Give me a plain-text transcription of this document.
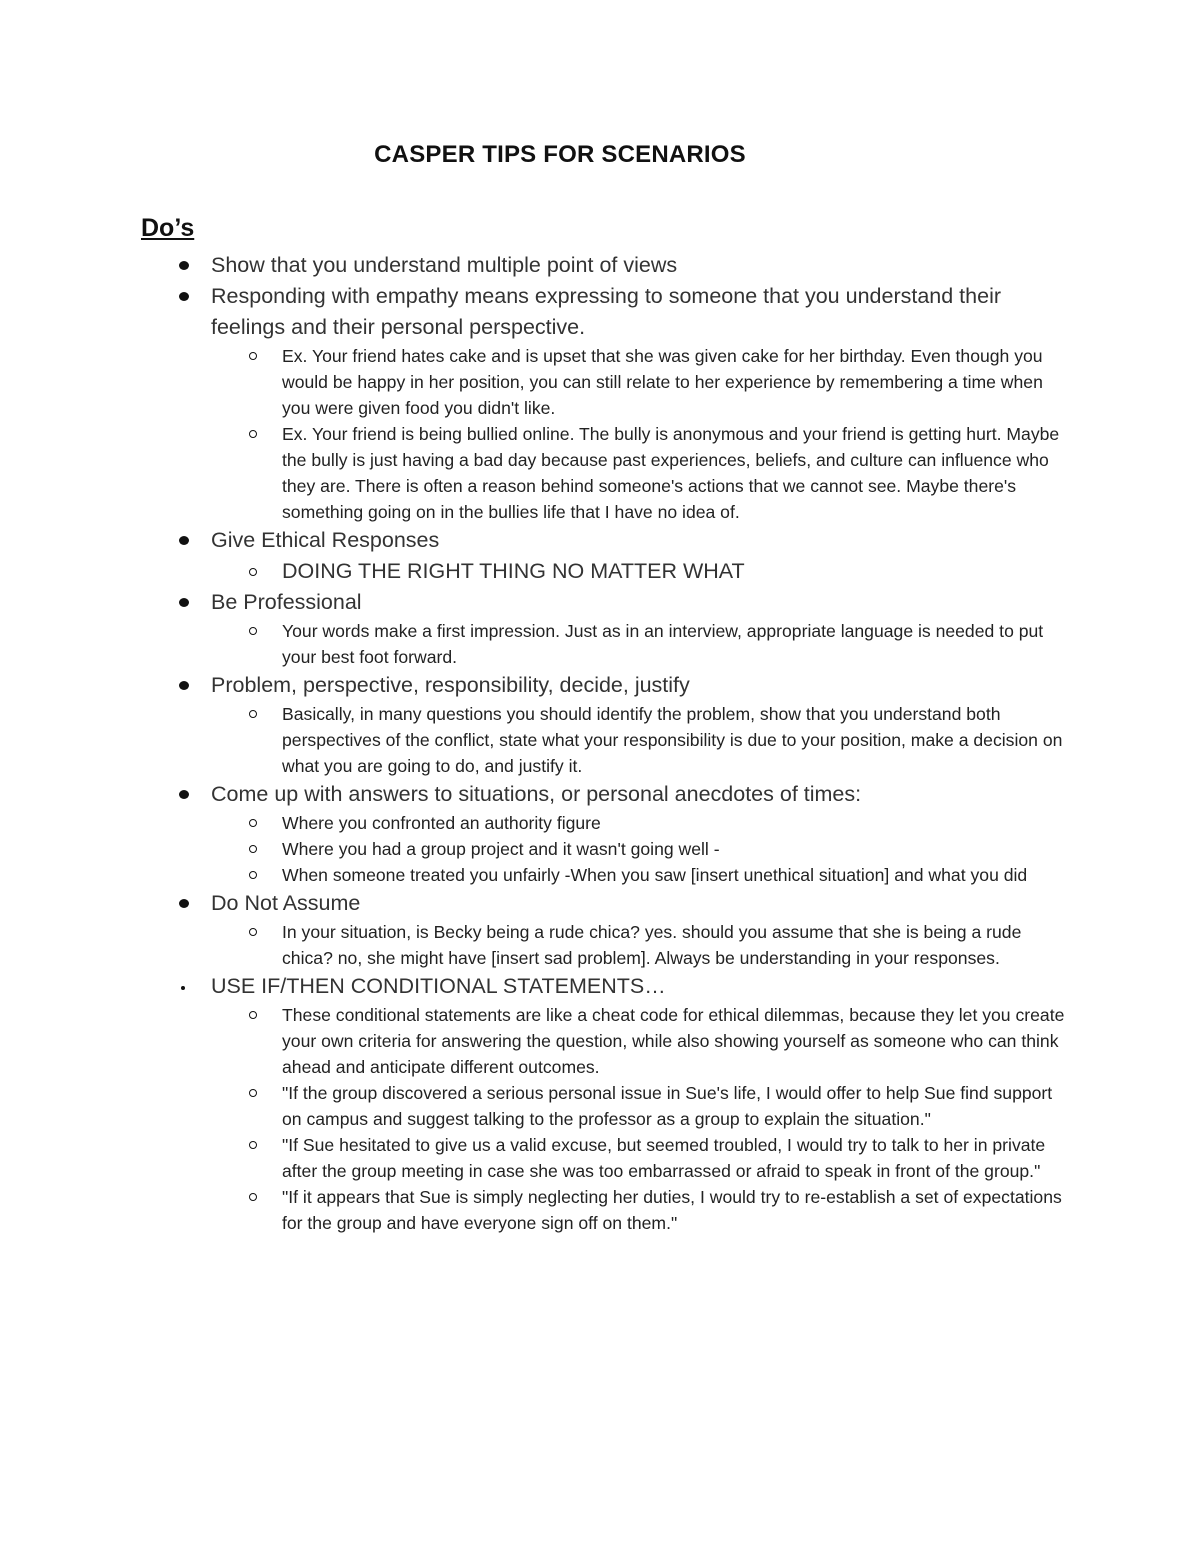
CASPER TIPS FOR SCENARIOS
Do’s
Show that you understand multiple point of views
Responding with empathy means expressing to someone that you understand their feelings and their personal perspective.
Ex. Your friend hates cake and is upset that she was given cake for her birthday. Even though you would be happy in her position, you can still relate to her experience by remembering a time when you were given food you didn't like.
Ex. Your friend is being bullied online. The bully is anonymous and your friend is getting hurt. Maybe the bully is just having a bad day because past experiences, beliefs, and culture can influence who they are. There is often a reason behind someone's actions that we cannot see. Maybe there's something going on in the bullies life that I have no idea of.
Give Ethical Responses
DOING THE RIGHT THING NO MATTER WHAT
Be Professional
Your words make a first impression. Just as in an interview, appropriate language is needed to put your best foot forward.
Problem, perspective, responsibility, decide, justify
Basically, in many questions you should identify the problem, show that you understand both perspectives of the conflict, state what your responsibility is due to your position, make a decision on what you are going to do, and justify it.
Come up with answers to situations, or personal anecdotes of times:
Where you confronted an authority figure
Where you had a group project and it wasn't going well -
When someone treated you unfairly -When you saw [insert unethical situation] and what you did
Do Not Assume
In your situation, is Becky being a rude chica? yes. should you assume that she is being a rude chica? no, she might have [insert sad problem]. Always be understanding in your responses.
USE IF/THEN CONDITIONAL STATEMENTS…
These conditional statements are like a cheat code for ethical dilemmas, because they let you create your own criteria for answering the question, while also showing yourself as someone who can think ahead and anticipate different outcomes.
"If the group discovered a serious personal issue in Sue's life, I would offer to help Sue find support on campus and suggest talking to the professor as a group to explain the situation."
"If Sue hesitated to give us a valid excuse, but seemed troubled, I would try to talk to her in private after the group meeting in case she was too embarrassed or afraid to speak in front of the group."
"If it appears that Sue is simply neglecting her duties, I would try to re-establish a set of expectations for the group and have everyone sign off on them."
